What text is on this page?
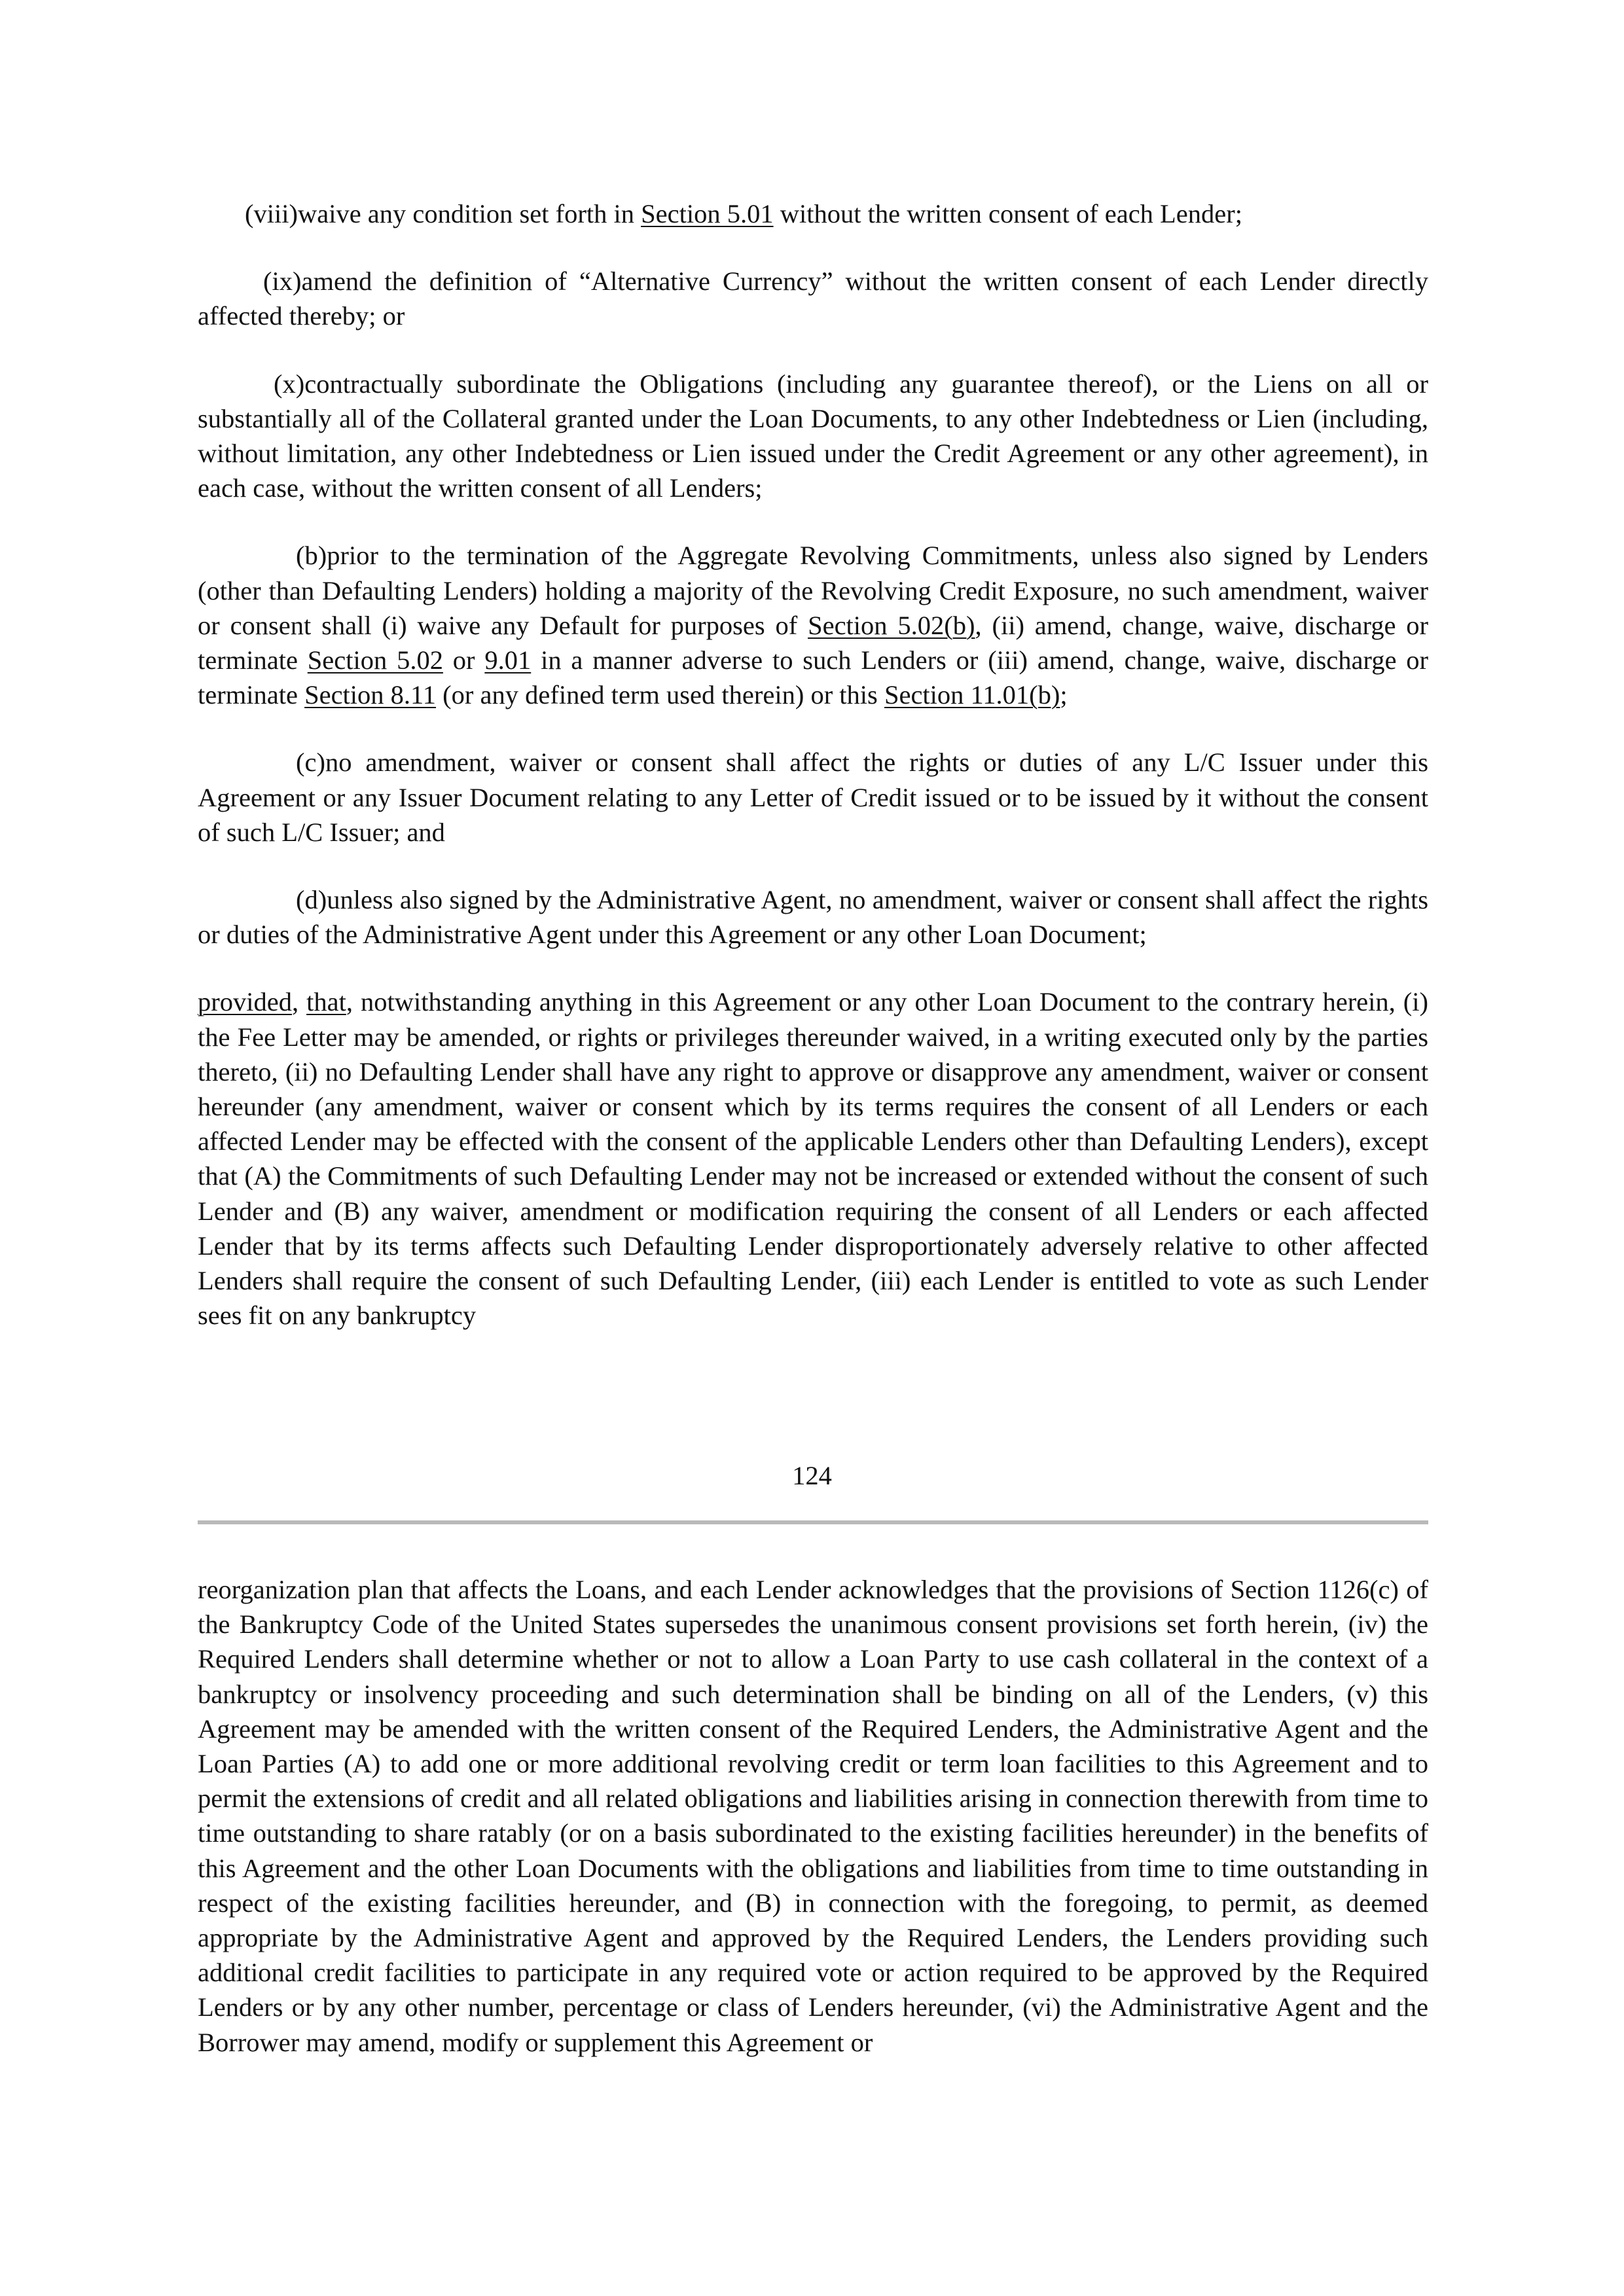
(viii)waive any condition set forth in Section 5.01 without the written consent of each Lender;

(ix)amend the definition of “Alternative Currency” without the written consent of each Lender directly affected thereby; or

(x)contractually subordinate the Obligations (including any guarantee thereof), or the Liens on all or substantially all of the Collateral granted under the Loan Documents, to any other Indebtedness or Lien (including, without limitation, any other Indebtedness or Lien issued under the Credit Agreement or any other agreement), in each case, without the written consent of all Lenders;

(b)prior to the termination of the Aggregate Revolving Commitments, unless also signed by Lenders (other than Defaulting Lenders) holding a majority of the Revolving Credit Exposure, no such amendment, waiver or consent shall (i) waive any Default for purposes of Section 5.02(b), (ii) amend, change, waive, discharge or terminate Section 5.02 or 9.01 in a manner adverse to such Lenders or (iii) amend, change, waive, discharge or terminate Section 8.11 (or any defined term used therein) or this Section 11.01(b);

(c)no amendment, waiver or consent shall affect the rights or duties of any L/C Issuer under this Agreement or any Issuer Document relating to any Letter of Credit issued or to be issued by it without the consent of such L/C Issuer; and

(d)unless also signed by the Administrative Agent, no amendment, waiver or consent shall affect the rights or duties of the Administrative Agent under this Agreement or any other Loan Document;

provided, that, notwithstanding anything in this Agreement or any other Loan Document to the contrary herein, (i) the Fee Letter may be amended, or rights or privileges thereunder waived, in a writing executed only by the parties thereto, (ii) no Defaulting Lender shall have any right to approve or disapprove any amendment, waiver or consent hereunder (any amendment, waiver or consent which by its terms requires the consent of all Lenders or each affected Lender may be effected with the consent of the applicable Lenders other than Defaulting Lenders), except that (A) the Commitments of such Defaulting Lender may not be increased or extended without the consent of such Lender and (B) any waiver, amendment or modification requiring the consent of all Lenders or each affected Lender that by its terms affects such Defaulting Lender disproportionately adversely relative to other affected Lenders shall require the consent of such Defaulting Lender, (iii) each Lender is entitled to vote as such Lender sees fit on any bankruptcy

124

reorganization plan that affects the Loans, and each Lender acknowledges that the provisions of Section 1126(c) of the Bankruptcy Code of the United States supersedes the unanimous consent provisions set forth herein, (iv) the Required Lenders shall determine whether or not to allow a Loan Party to use cash collateral in the context of a bankruptcy or insolvency proceeding and such determination shall be binding on all of the Lenders, (v) this Agreement may be amended with the written consent of the Required Lenders, the Administrative Agent and the Loan Parties (A) to add one or more additional revolving credit or term loan facilities to this Agreement and to permit the extensions of credit and all related obligations and liabilities arising in connection therewith from time to time outstanding to share ratably (or on a basis subordinated to the existing facilities hereunder) in the benefits of this Agreement and the other Loan Documents with the obligations and liabilities from time to time outstanding in respect of the existing facilities hereunder, and (B) in connection with the foregoing, to permit, as deemed appropriate by the Administrative Agent and approved by the Required Lenders, the Lenders providing such additional credit facilities to participate in any required vote or action required to be approved by the Required Lenders or by any other number, percentage or class of Lenders hereunder, (vi) the Administrative Agent and the Borrower may amend, modify or supplement this Agreement or
